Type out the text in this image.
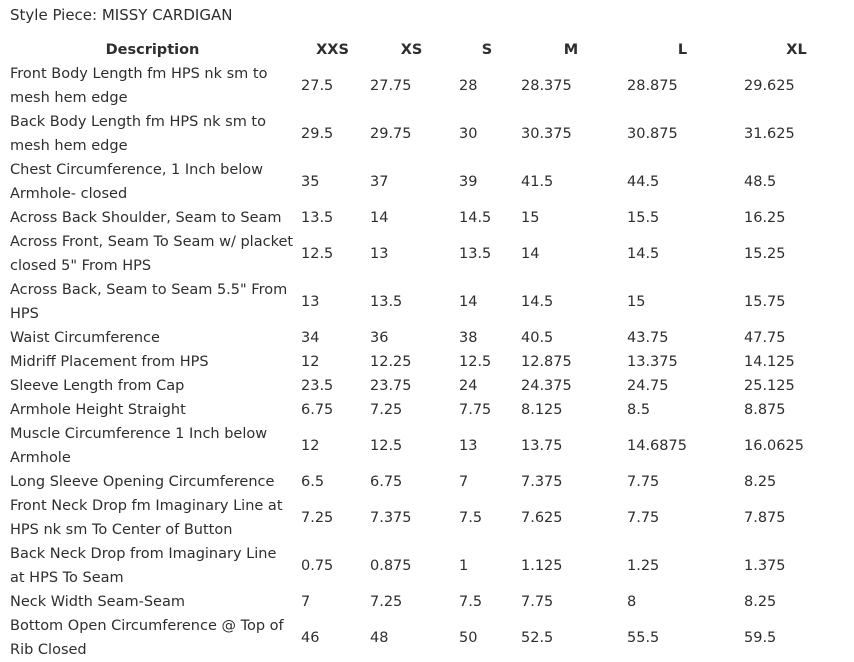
Style Piece: MISSY CARDIGAN
Description	XXS	XS	S	M	L	XL
Front Body Length fm HPS nk sm to mesh hem edge	27.5	27.75	28	28.375	28.875	29.625
Back Body Length fm HPS nk sm to mesh hem edge	29.5	29.75	30	30.375	30.875	31.625
Chest Circumference, 1 Inch below Armhole- closed	35	37	39	41.5	44.5	48.5
Across Back Shoulder, Seam to Seam	13.5	14	14.5	15	15.5	16.25
Across Front, Seam To Seam w/ placket closed 5" From HPS	12.5	13	13.5	14	14.5	15.25
Across Back, Seam to Seam 5.5" From HPS	13	13.5	14	14.5	15	15.75
Waist Circumference	34	36	38	40.5	43.75	47.75
Midriff Placement from HPS	12	12.25	12.5	12.875	13.375	14.125
Sleeve Length from Cap	23.5	23.75	24	24.375	24.75	25.125
Armhole Height Straight	6.75	7.25	7.75	8.125	8.5	8.875
Muscle Circumference 1 Inch below Armhole	12	12.5	13	13.75	14.6875	16.0625
Long Sleeve Opening Circumference	6.5	6.75	7	7.375	7.75	8.25
Front Neck Drop fm Imaginary Line at HPS nk sm To Center of Button	7.25	7.375	7.5	7.625	7.75	7.875
Back Neck Drop from Imaginary Line at HPS To Seam	0.75	0.875	1	1.125	1.25	1.375
Neck Width Seam-Seam	7	7.25	7.5	7.75	8	8.25
Bottom Open Circumference @ Top of Rib Closed	46	48	50	52.5	55.5	59.5
